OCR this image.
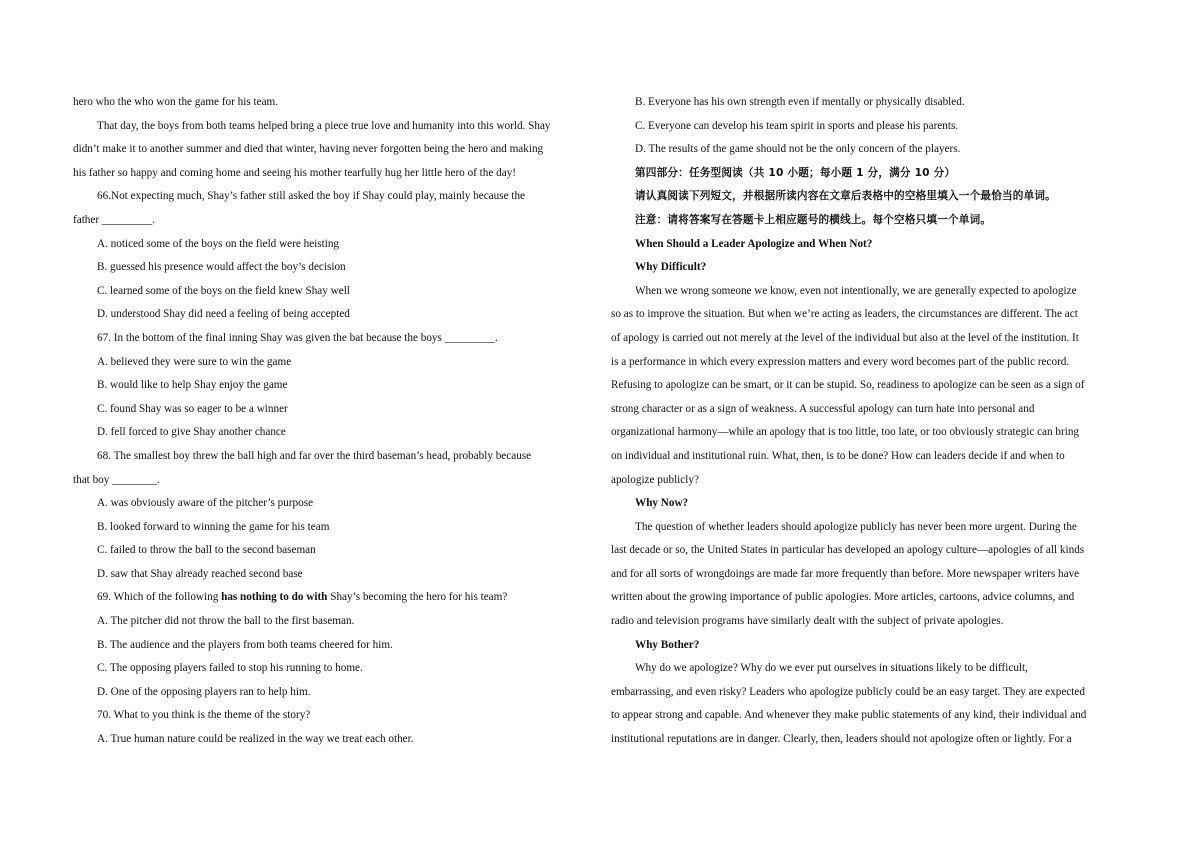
hero who the who won the game for his team.
That day, the boys from both teams helped bring a piece true love and humanity into this world. Shay
didn’t make it to another summer and died that winter, having never forgotten being the hero and making
his father so happy and coming home and seeing his mother tearfully hug her little hero of the day!
66.Not expecting much, Shay’s father still asked the boy if Shay could play, mainly because the
father _________.
A. noticed some of the boys on the field were heisting
B. guessed his presence would affect the boy’s decision
C. learned some of the boys on the field knew Shay well
D. understood Shay did need a feeling of being accepted
67. In the bottom of the final inning Shay was given the bat because the boys _________.
A. believed they were sure to win the game
B. would like to help Shay enjoy the game
C. found Shay was so eager to be a winner
D. fell forced to give Shay another chance
68. The smallest boy threw the ball high and far over the third baseman’s head, probably because
that boy ________.
A. was obviously aware of the pitcher’s purpose
B. looked forward to winning the game for his team
C. failed to throw the ball to the second baseman
D. saw that Shay already reached second base
69. Which of the following has nothing to do with Shay’s becoming the hero for his team?
A. The pitcher did not throw the ball to the first baseman.
B. The audience and the players from both teams cheered for him.
C. The opposing players failed to stop his running to home.
D. One of the opposing players ran to help him.
70. What to you think is the theme of the story?
A. True human nature could be realized in the way we treat each other.
B. Everyone has his own strength even if mentally or physically disabled.
C. Everyone can develop his team spirit in sports and please his parents.
D. The results of the game should not be the only concern of the players.
第四部分：任务型阅读（共 10 小题；每小题 1 分，满分 10 分）
请认真阅读下列短文，并根据所读内容在文章后表格中的空格里填入一个最恰当的单词。
注意：请将答案写在答题卡上相应题号的横线上。每个空格只填一个单词。
When Should a Leader Apologize and When Not?
Why Difficult?
When we wrong someone we know, even not intentionally, we are generally expected to apologize
so as to improve the situation. But when we’re acting as leaders, the circumstances are different. The act
of apology is carried out not merely at the level of the individual but also at the level of the institution. It
is a performance in which every expression matters and every word becomes part of the public record.
Refusing to apologize can be smart, or it can be stupid. So, readiness to apologize can be seen as a sign of
strong character or as a sign of weakness. A successful apology can turn hate into personal and
organizational harmony—while an apology that is too little, too late, or too obviously strategic can bring
on individual and institutional ruin. What, then, is to be done? How can leaders decide if and when to
apologize publicly?
Why Now?
The question of whether leaders should apologize publicly has never been more urgent. During the
last decade or so, the United States in particular has developed an apology culture—apologies of all kinds
and for all sorts of wrongdoings are made far more frequently than before. More newspaper writers have
written about the growing importance of public apologies. More articles, cartoons, advice columns, and
radio and television programs have similarly dealt with the subject of private apologies.
Why Bother?
Why do we apologize? Why do we ever put ourselves in situations likely to be difficult,
embarrassing, and even risky? Leaders who apologize publicly could be an easy target. They are expected
to appear strong and capable. And whenever they make public statements of any kind, their individual and
institutional reputations are in danger. Clearly, then, leaders should not apologize often or lightly. For a
